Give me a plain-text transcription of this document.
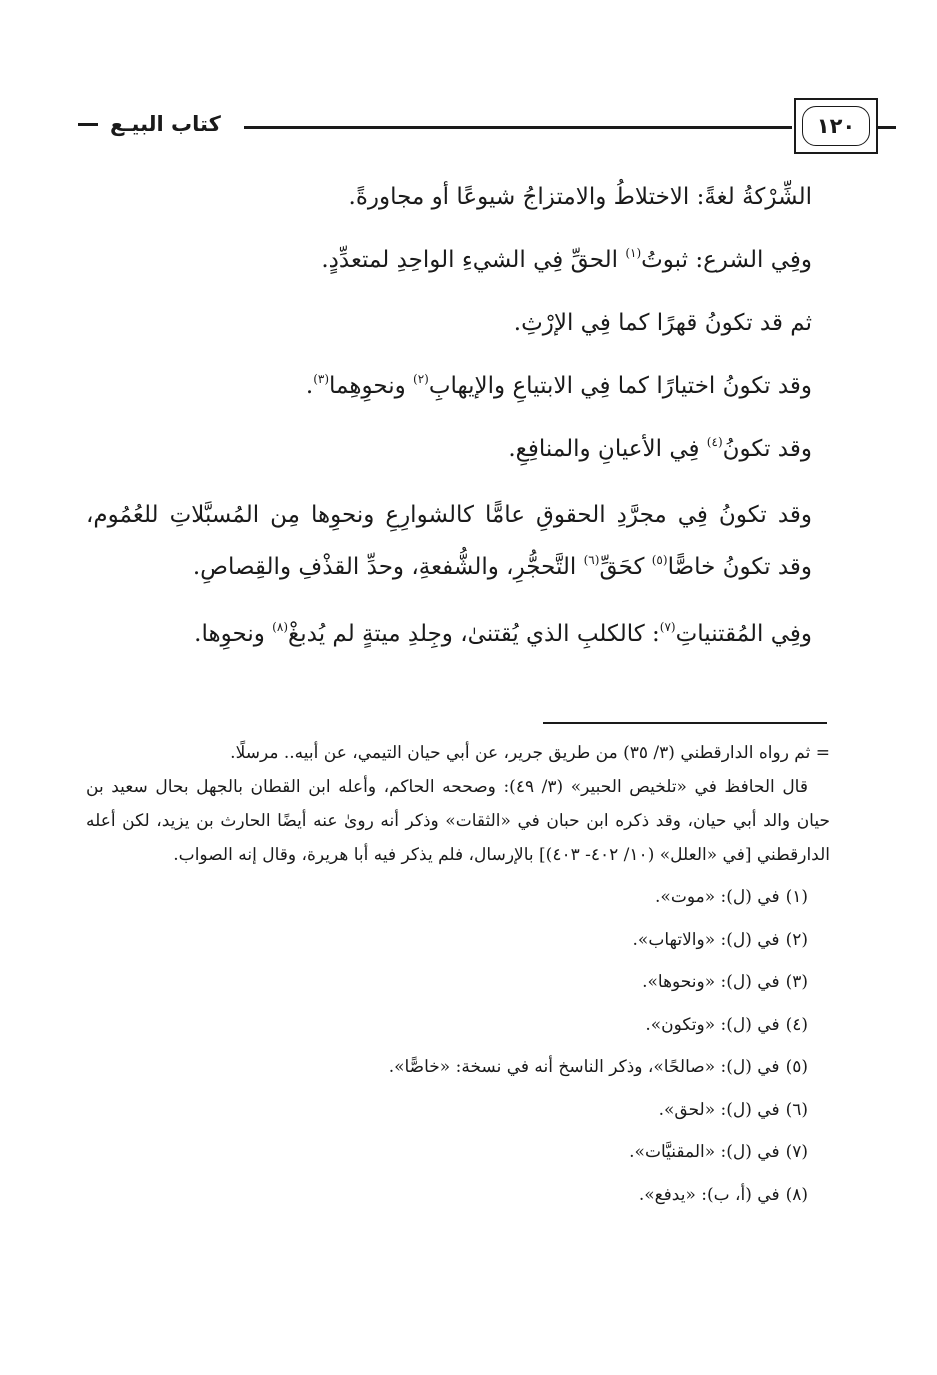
كتاب البيـع	١٢٠

الشِّرْكةُ لغةً: الاختلاطُ والامتزاجُ شيوعًا أو مجاورةً.

وفِي الشرع: ثبوتُ$^{(١)}$ الحقِّ فِي الشيءِ الواحِدِ لمتعدِّدٍ.

ثم قد تكونُ قهرًا كما فِي الإرْثِ.

وقد تكونُ اختيارًا كما فِي الابتياعِ والإيهابِ$^{(٢)}$ ونحوِهِما$^{(٣)}$.

وقد تكونُ$^{(٤)}$ فِي الأعيانِ والمنافِعِ.

وقد تكونُ فِي مجرَّدِ الحقوقِ عامًّا كالشوارِعِ ونحوِها مِن المُسبَّلاتِ للعُمُوم، وقد تكونُ خاصًّا$^{(٥)}$ كحَقِّ$^{(٦)}$ التَّحجُّرِ، والشُّفعةِ، وحدِّ القذْفِ والقِصاصِ.

وفِي المُقتنياتِ$^{(٧)}$: كالكلبِ الذي يُقتنىٰ، وجِلدِ ميتةٍ لم يُدبغْ$^{(٨)}$ ونحوِها.

= ثم رواه الدارقطني (٣/ ٣٥) من طريق جرير، عن أبي حيان التيمي، عن أبيه.. مرسلًا.

قال الحافظ في «تلخيص الحبير» (٣/ ٤٩): وصححه الحاكم، وأعله ابن القطان بالجهل بحال سعيد بن حيان والد أبي حيان، وقد ذكره ابن حبان في «الثقات» وذكر أنه روىٰ عنه أيضًا الحارث بن يزيد، لكن أعله الدارقطني [في «العلل» (١٠/ ٤٠٢- ٤٠٣)] بالإرسال، فلم يذكر فيه أبا هريرة، وقال إنه الصواب.

(١)في (ل): «موت».
(٢)في (ل): «والاتهاب».
(٣)في (ل): «ونحوها».
(٤)في (ل): «وتكون».
(٥)في (ل): «صالحًا»، وذكر الناسخ أنه في نسخة: «خاصًّا».
(٦)في (ل): «لحق».
(٧)في (ل): «المقنيَّات».
(٨)في (أ، ب): «يدفع».
